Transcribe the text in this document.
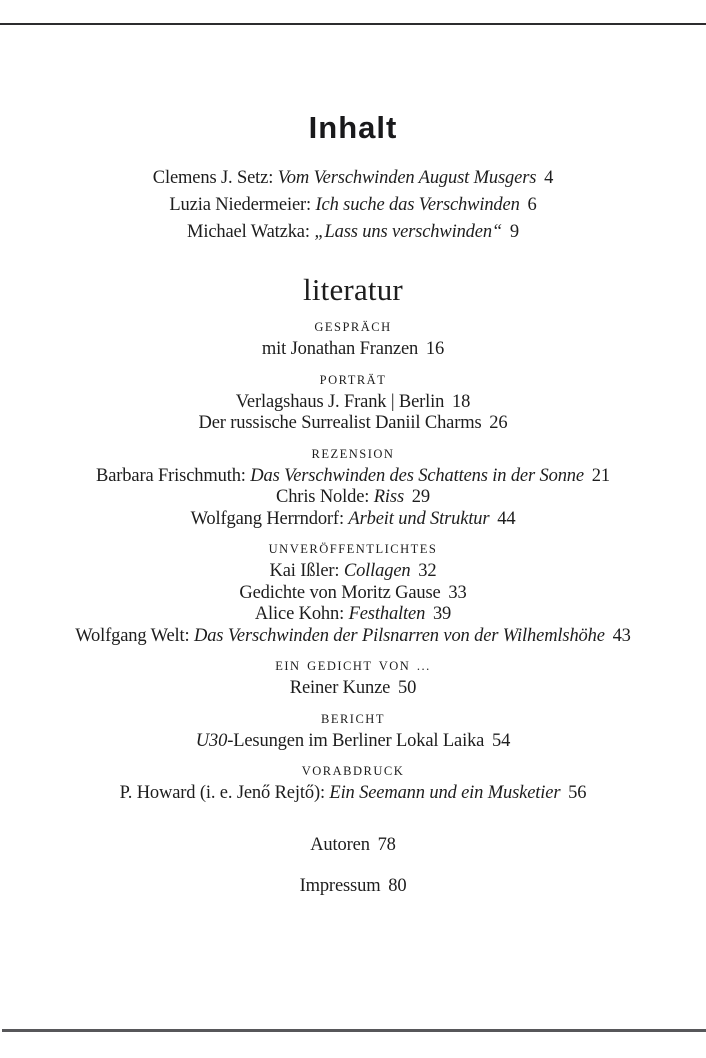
Inhalt

Clemens J. Setz: Vom Verschwinden August Musgers 4

Luzia Niedermeier: Ich suche das Verschwinden 6

Michael Watzka: „Lass uns verschwinden“ 9

literatur
GESPRÄCH

mit Jonathan Franzen 16

PORTRÄT

Verlagshaus J. Frank | Berlin 18

Der russische Surrealist Daniil Charms 26

REZENSION

Barbara Frischmuth: Das Verschwinden des Schattens in der Sonne 21

Chris Nolde: Riss 29

Wolfgang Herrndorf: Arbeit und Struktur 44

UNVERÖFFENTLICHTES

Kai Ißler: Collagen 32

Gedichte von Moritz Gause 33

Alice Kohn: Festhalten 39

Wolfgang Welt: Das Verschwinden der Pilsnarren von der Wilhemlshöhe 43

EIN GEDICHT VON ...

Reiner Kunze 50

BERICHT

U30-Lesungen im Berliner Lokal Laika 54

VORABDRUCK

P. Howard (i. e. Jenő Rejtő): Ein Seemann und ein Musketier 56

Autoren 78

Impressum 80
